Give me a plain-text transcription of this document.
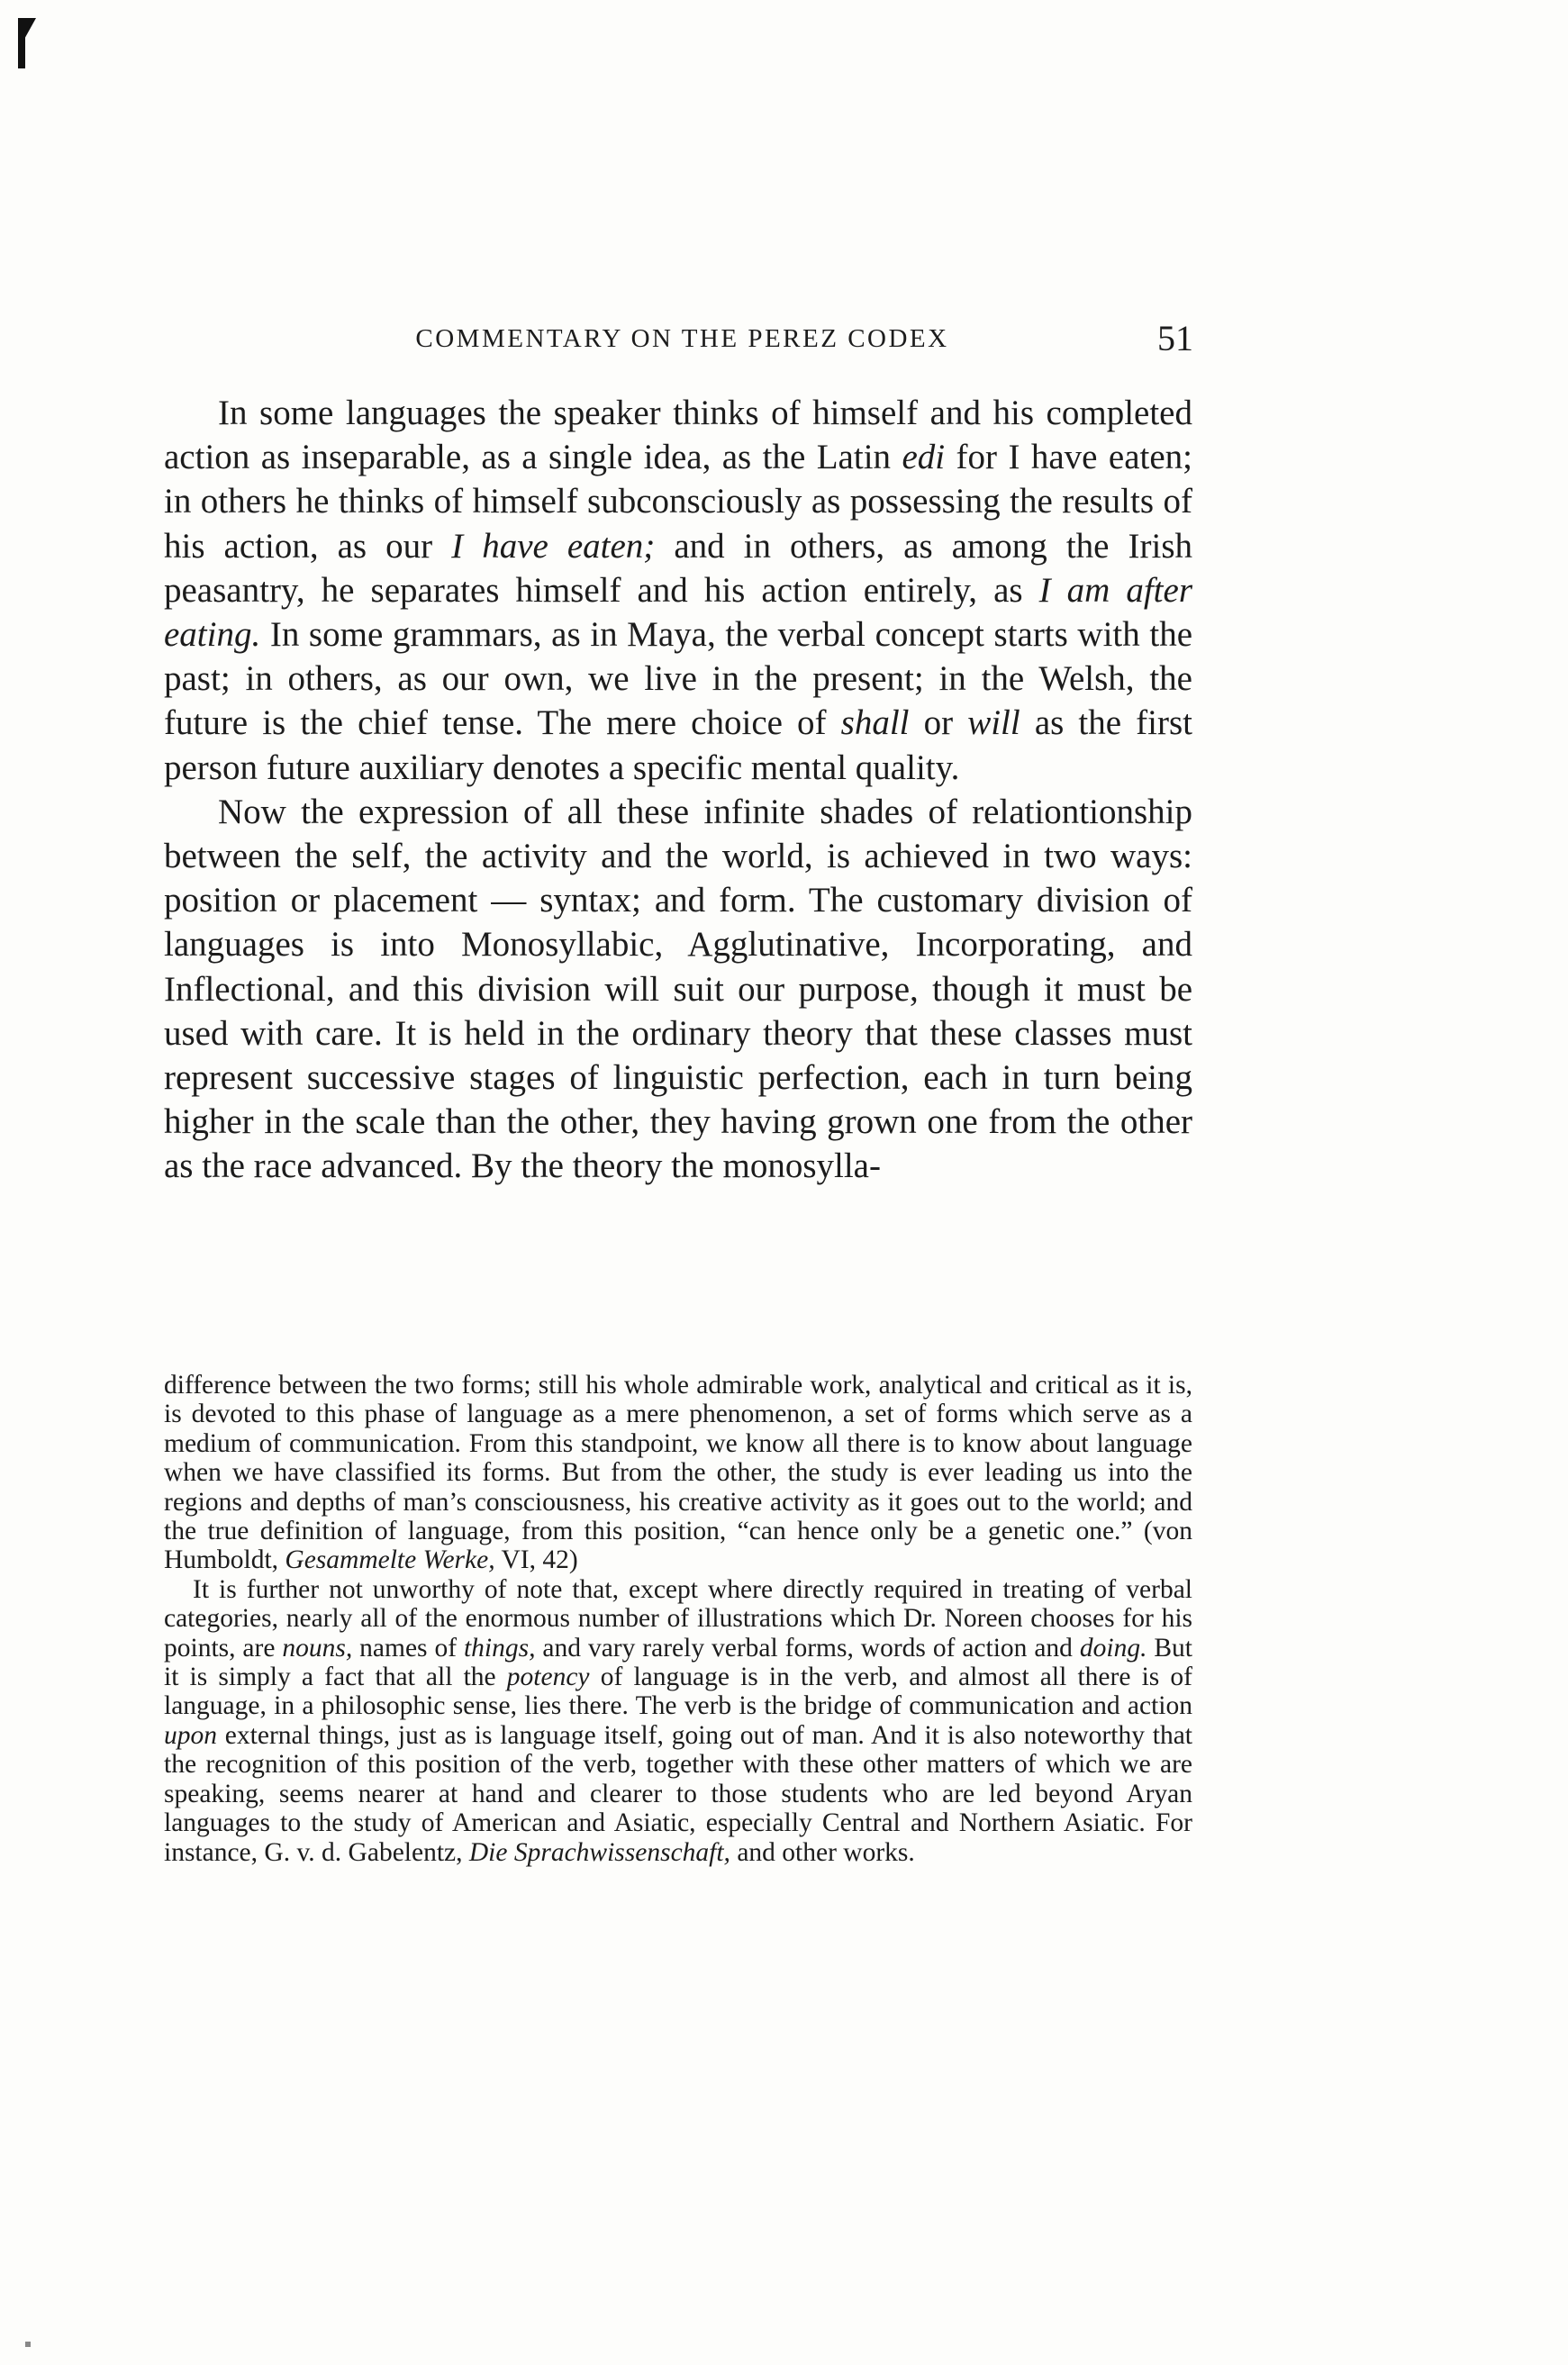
COMMENTARY ON THE PEREZ CODEX	51

In some languages the speaker thinks of himself and his completed action as inseparable, as a single idea, as the Latin edi for I have eaten; in others he thinks of himself subconsciously as possessing the results of his action, as our I have eaten; and in others, as among the Irish peasantry, he separates himself and his action entirely, as I am after eating. In some grammars, as in Maya, the verbal concept starts with the past; in others, as our own, we live in the present; in the Welsh, the future is the chief tense. The mere choice of shall or will as the first person future auxiliary denotes a specific mental quality.

Now the expression of all these infinite shades of relationtionship between the self, the activity and the world, is achieved in two ways: position or placement — syntax; and form. The customary division of languages is into Monosyllabic, Agglutinative, Incorporating, and Inflectional, and this division will suit our purpose, though it must be used with care. It is held in the ordinary theory that these classes must represent successive stages of linguistic perfection, each in turn being higher in the scale than the other, they having grown one from the other as the race advanced. By the theory the monosylla-

difference between the two forms; still his whole admirable work, analytical and critical as it is, is devoted to this phase of language as a mere phenomenon, a set of forms which serve as a medium of communication. From this standpoint, we know all there is to know about language when we have classified its forms. But from the other, the study is ever leading us into the regions and depths of man’s consciousness, his creative activity as it goes out to the world; and the true definition of language, from this position, “can hence only be a genetic one.” (von Humboldt, Gesammelte Werke, VI, 42)

It is further not unworthy of note that, except where directly required in treating of verbal categories, nearly all of the enormous number of illustrations which Dr. Noreen chooses for his points, are nouns, names of things, and vary rarely verbal forms, words of action and doing. But it is simply a fact that all the potency of language is in the verb, and almost all there is of language, in a philosophic sense, lies there. The verb is the bridge of communication and action upon external things, just as is language itself, going out of man. And it is also noteworthy that the recognition of this position of the verb, together with these other matters of which we are speaking, seems nearer at hand and clearer to those students who are led beyond Aryan languages to the study of American and Asiatic, especially Central and Northern Asiatic. For instance, G. v. d. Gabelentz, Die Sprachwissenschaft, and other works.
